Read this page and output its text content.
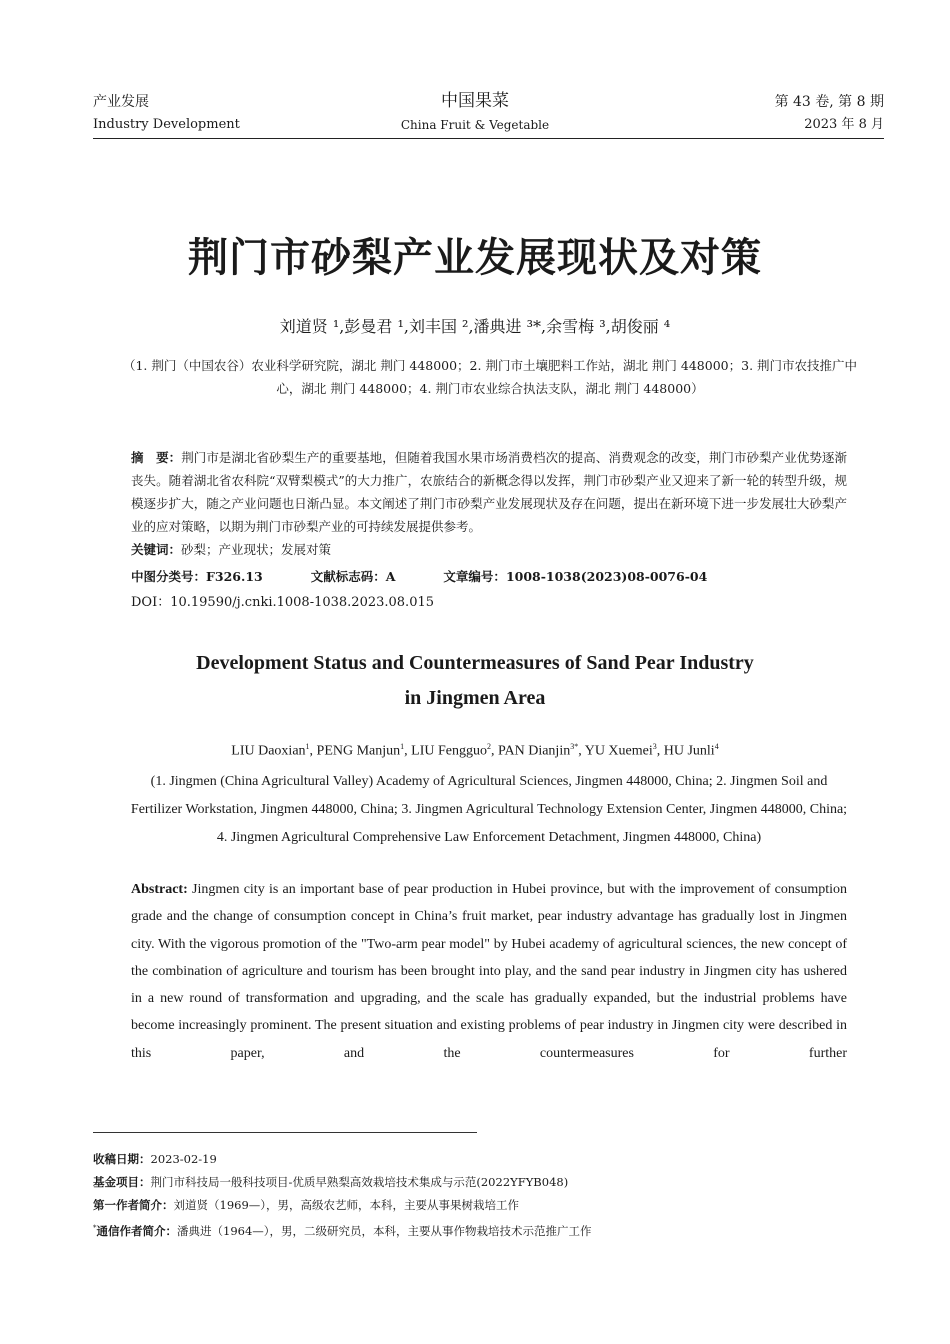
产业发展
Industry Development
中国果菜
China Fruit & Vegetable
第 43 卷, 第 8 期
2023 年 8 月
荆门市砂梨产业发展现状及对策
刘道贤 ¹,彭曼君 ¹,刘丰国 ²,潘典进 ³*,余雪梅 ³,胡俊丽 ⁴
（1. 荆门（中国农谷）农业科学研究院，湖北 荆门 448000；2. 荆门市土壤肥料工作站，湖北 荆门 448000；3. 荆门市农技推广中心，湖北 荆门 448000；4. 荆门市农业综合执法支队，湖北 荆门 448000）
摘　要：荆门市是湖北省砂梨生产的重要基地，但随着我国水果市场消费档次的提高、消费观念的改变，荆门市砂梨产业优势逐渐丧失。随着湖北省农科院“双臂梨模式”的大力推广，农旅结合的新概念得以发挥，荆门市砂梨产业又迎来了新一轮的转型升级，规模逐步扩大，随之产业问题也日渐凸显。本文阐述了荆门市砂梨产业发展现状及存在问题，提出在新环境下进一步发展壮大砂梨产业的应对策略，以期为荆门市砂梨产业的可持续发展提供参考。
关键词：砂梨；产业现状；发展对策
中图分类号：F326.13	文献标志码：A	文章编号：1008-1038(2023)08-0076-04
DOI：10.19590/j.cnki.1008-1038.2023.08.015
Development Status and Countermeasures of Sand Pear Industry
in Jingmen Area
LIU Daoxian$^1$, PENG Manjun$^1$, LIU Fengguo$^2$, PAN Dianjin$^{3*}$, YU Xuemei$^3$, HU Junli$^4$
(1. Jingmen (China Agricultural Valley) Academy of Agricultural Sciences, Jingmen 448000, China; 2. Jingmen Soil and Fertilizer Workstation, Jingmen 448000, China; 3. Jingmen Agricultural Technology Extension Center, Jingmen 448000, China; 4. Jingmen Agricultural Comprehensive Law Enforcement Detachment, Jingmen 448000, China)
Abstract: Jingmen city is an important base of pear production in Hubei province, but with the improvement of consumption grade and the change of consumption concept in China’s fruit market, pear industry advantage has gradually lost in Jingmen city. With the vigorous promotion of the "Two-arm pear model" by Hubei academy of agricultural sciences, the new concept of the combination of agriculture and tourism has been brought into play, and the sand pear industry in Jingmen city has ushered in a new round of transformation and upgrading, and the scale has gradually expanded, but the industrial problems have become increasingly prominent. The present situation and existing problems of pear industry in Jingmen city were described in this paper, and the countermeasures for further
收稿日期：2023-02-19
基金项目：荆门市科技局一般科技项目-优质早熟梨高效栽培技术集成与示范(2022YFYB048)
第一作者简介：刘道贤（1969—），男，高级农艺师，本科，主要从事果树栽培工作
*通信作者简介：潘典进（1964—），男，二级研究员，本科，主要从事作物栽培技术示范推广工作
